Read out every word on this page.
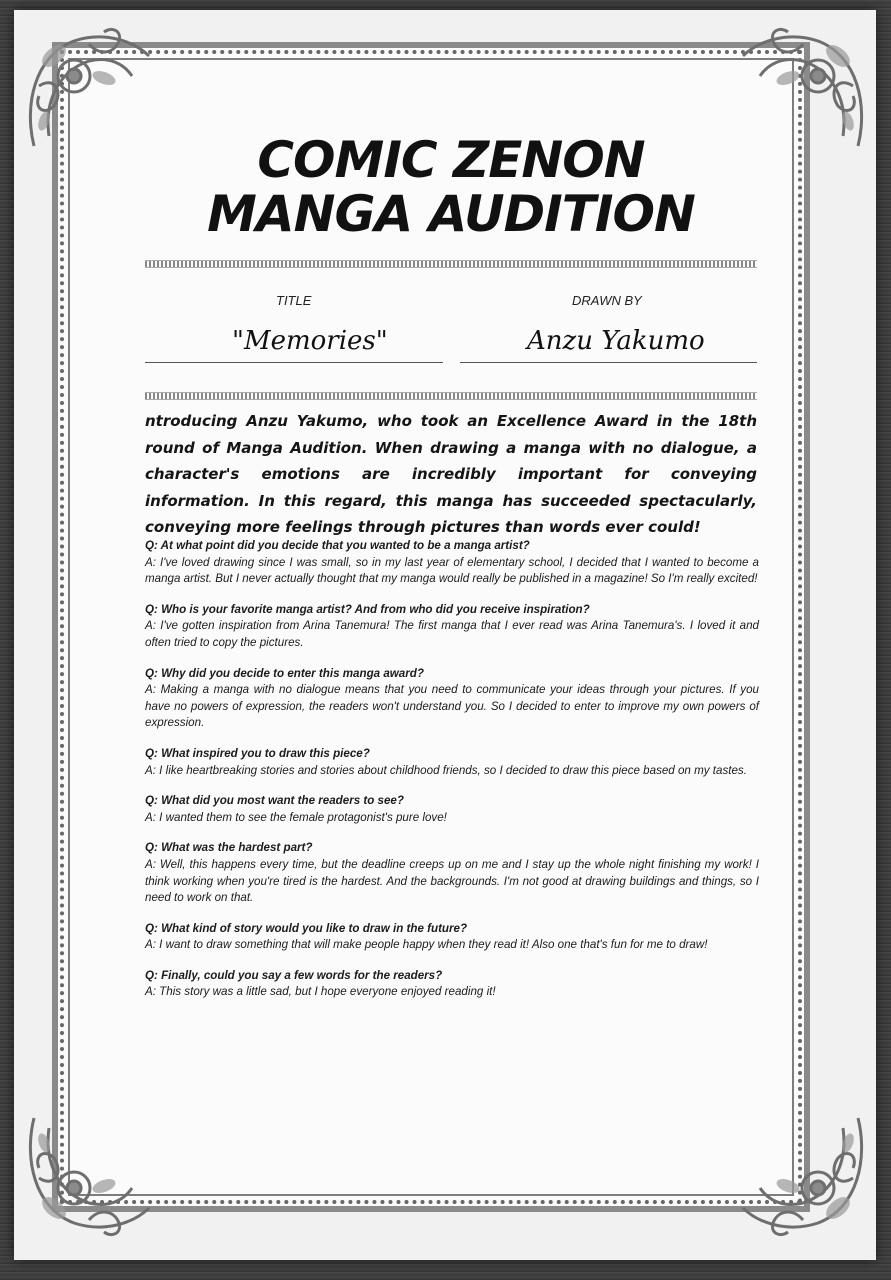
COMIC ZENON
MANGA AUDITION
TITLE	DRAWN BY
"Memories"	Anzu Yakumo
ntroducing Anzu Yakumo, who took an Excellence Award in the 18th round of Manga Audition. When drawing a manga with no dialogue, a character's emotions are incredibly important for conveying information. In this regard, this manga has succeeded spectacularly, conveying more feelings through pictures than words ever could!
Q: At what point did you decide that you wanted to be a manga artist?
A: I've loved drawing since I was small, so in my last year of elementary school, I decided that I wanted to become a manga artist. But I never actually thought that my manga would really be published in a magazine! So I'm really excited!
Q: Who is your favorite manga artist? And from who did you receive inspiration?
A: I've gotten inspiration from Arina Tanemura! The first manga that I ever read was Arina Tanemura's. I loved it and often tried to copy the pictures.
Q: Why did you decide to enter this manga award?
A: Making a manga with no dialogue means that you need to communicate your ideas through your pictures. If you have no powers of expression, the readers won't understand you. So I decided to enter to improve my own powers of expression.
Q: What inspired you to draw this piece?
A: I like heartbreaking stories and stories about childhood friends, so I decided to draw this piece based on my tastes.
Q: What did you most want the readers to see?
A: I wanted them to see the female protagonist's pure love!
Q: What was the hardest part?
A: Well, this happens every time, but the deadline creeps up on me and I stay up the whole night finishing my work! I think working when you're tired is the hardest. And the backgrounds. I'm not good at drawing buildings and things, so I need to work on that.
Q: What kind of story would you like to draw in the future?
A: I want to draw something that will make people happy when they read it! Also one that's fun for me to draw!
Q: Finally, could you say a few words for the readers?
A: This story was a little sad, but I hope everyone enjoyed reading it!
